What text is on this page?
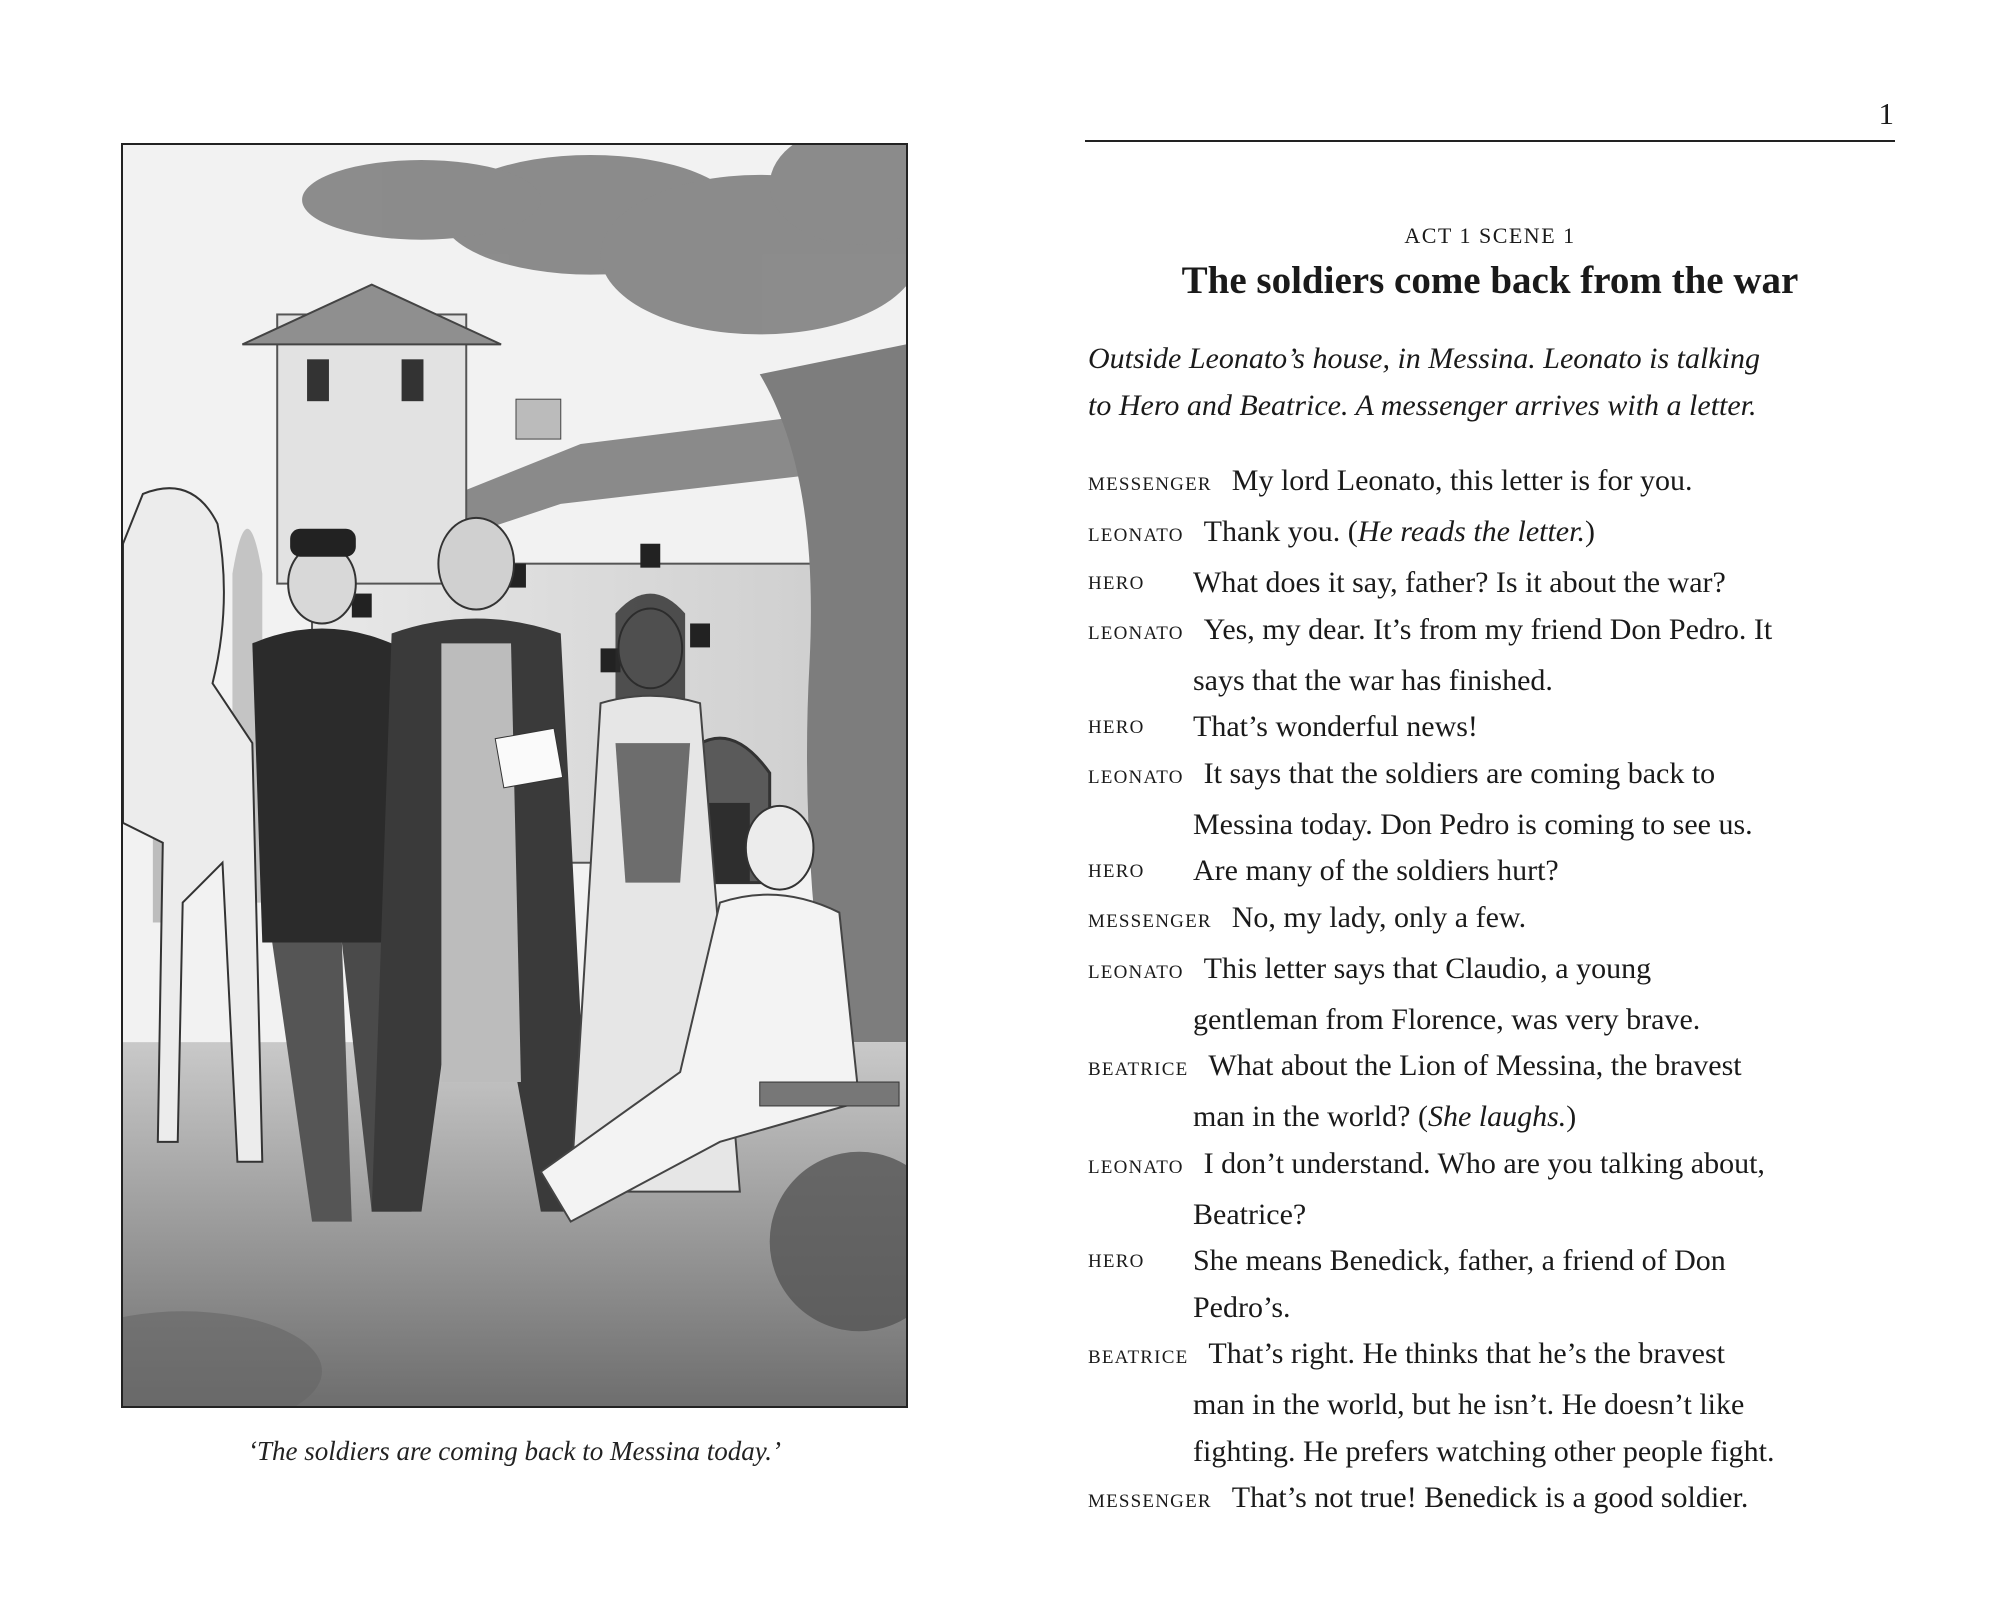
‘The soldiers are coming back to Messina today.’
1
ACT 1 SCENE 1
The soldiers come back from the war
Outside Leonato’s house, in Messina. Leonato is talking
to Hero and Beatrice. A messenger arrives with a letter.
MESSENGER My lord Leonato, this letter is for you.
LEONATO Thank you. (He reads the letter.)
HERO What does it say, father? Is it about the war?
LEONATO Yes, my dear. It’s from my friend Don Pedro. It
says that the war has finished.
HERO That’s wonderful news!
LEONATO It says that the soldiers are coming back to
Messina today. Don Pedro is coming to see us.
HERO Are many of the soldiers hurt?
MESSENGER No, my lady, only a few.
LEONATO This letter says that Claudio, a young
gentleman from Florence, was very brave.
BEATRICE What about the Lion of Messina, the bravest
man in the world? (She laughs.)
LEONATO I don’t understand. Who are you talking about,
Beatrice?
HERO She means Benedick, father, a friend of Don
Pedro’s.
BEATRICE That’s right. He thinks that he’s the bravest
man in the world, but he isn’t. He doesn’t like
fighting. He prefers watching other people fight.
MESSENGER That’s not true! Benedick is a good soldier.
